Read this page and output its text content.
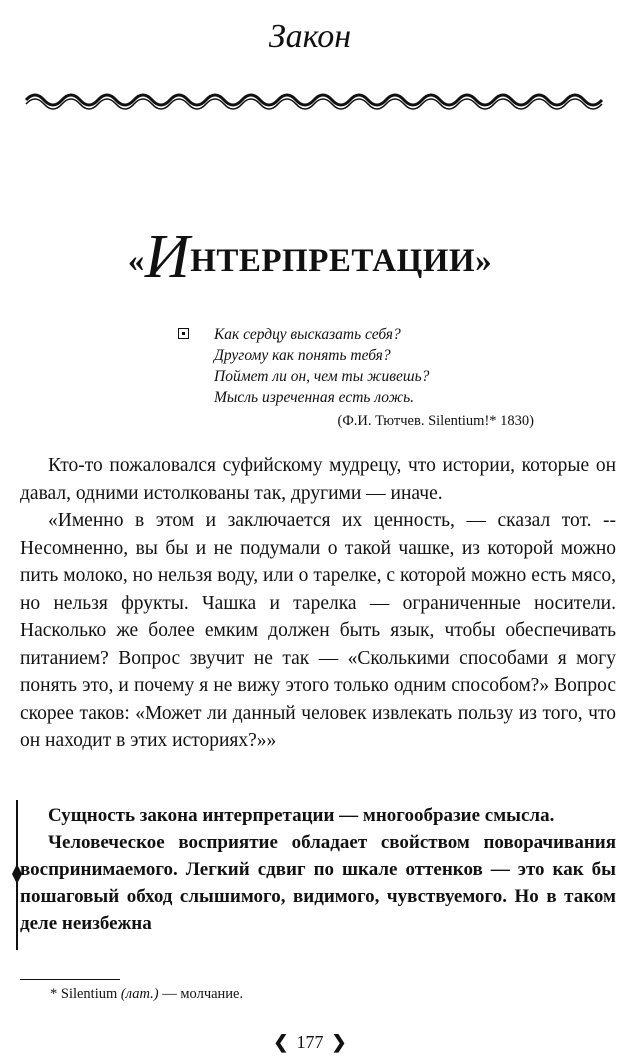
Закон
«ИНТЕРПРЕТАЦИИ»
Как сердцу высказать себя?
Другому как понять тебя?
Поймет ли он, чем ты живешь?
Мысль изреченная есть ложь.
(Ф.И. Тютчев. Silentium!* 1830)

Кто-то пожаловался суфийскому мудрецу, что истории, которые он давал, одними истолкованы так, другими — иначе.

«Именно в этом и заключается их ценность, — сказал тот. -- Несомненно, вы бы и не подумали о такой чашке, из которой можно пить молоко, но нельзя воду, или о тарелке, с которой можно есть мясо, но нельзя фрукты. Чашка и тарелка — ограниченные носители. Насколько же более емким должен быть язык, чтобы обеспечивать питанием? Вопрос звучит не так — «Сколькими способами я могу понять это, и почему я не вижу этого только одним способом?» Вопрос скорее таков: «Может ли данный человек извлекать пользу из того, что он находит в этих историях?»»

Сущность закона интерпретации — многообразие смысла.

Человеческое восприятие обладает свойством поворачивания воспринимаемого. Легкий сдвиг по шкале оттенков — это как бы пошаговый обход слышимого, видимого, чувствуемого. Но в таком деле неизбежна

* Silentium (лат.) — молчание.
❮ 177 ❯
